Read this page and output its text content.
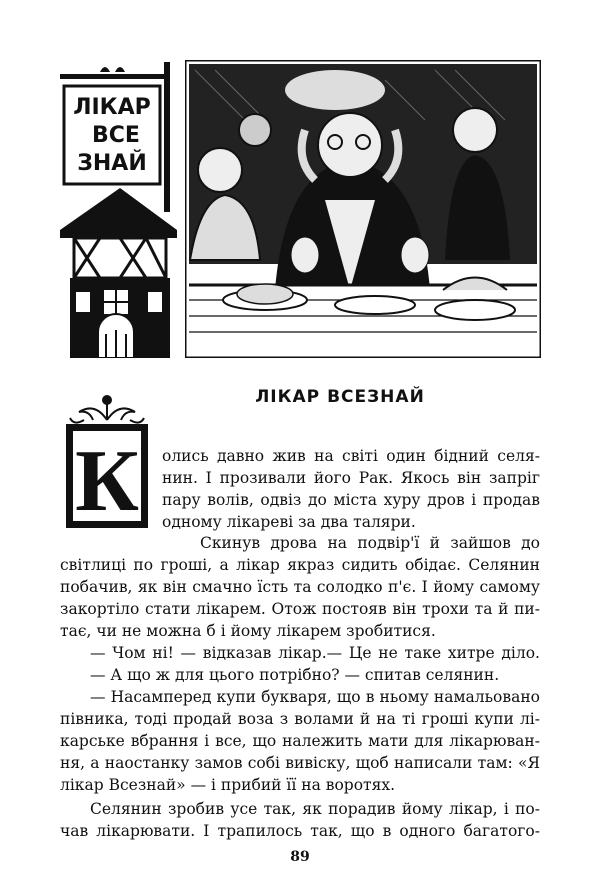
ЛІКАР
ВСЕ
ЗНАЙ
ЛІКАР ВСЕЗНАЙ
К олись давно жив на світі один бідний селя-
нин. І прозивали його Рак. Якось він запріг
пару волів, одвіз до міста хуру дров і продав
одному лікареві за два таляри.
Скинув дрова на подвір'ї й зайшов до
світлиці по гроші, а лікар якраз сидить обідає. Селянин
побачив, як він смачно їсть та солодко п'є. І йому самому
закортіло стати лікарем. Отож постояв він трохи та й пи-
тає, чи не можна б і йому лікарем зробитися.
— Чом ні! — відказав лікар.— Це не таке хитре діло.
— А що ж для цього потрібно? — спитав селянин.
— Насамперед купи букваря, що в ньому намальовано
півника, тоді продай воза з волами й на ті гроші купи лі-
карське вбрання і все, що належить мати для лікарюван-
ня, а наостанку замов собі вивіску, щоб написали там: «Я
лікар Всезнай» — і прибий її на воротях.
Селянин зробив усе так, як порадив йому лікар, і по-
чав лікарювати. І трапилось так, що в одного багатого-
89
